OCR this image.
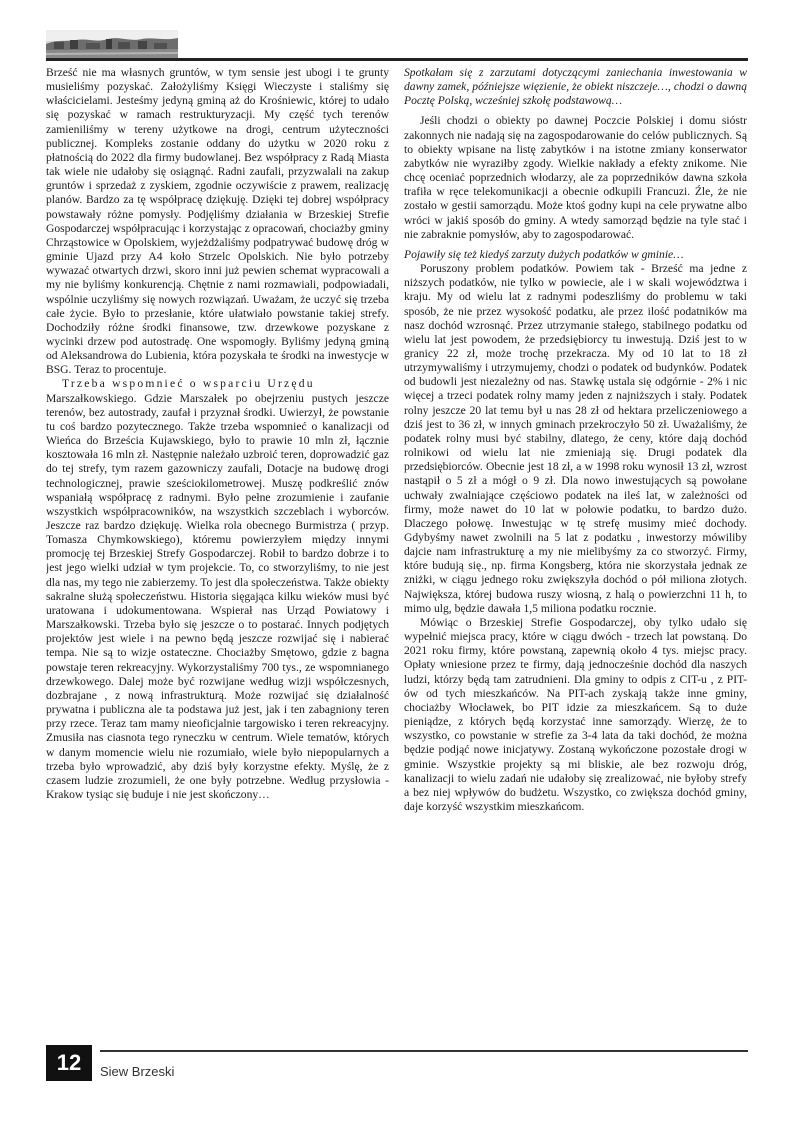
Brześć nie ma własnych gruntów, w tym sensie jest ubogi i te grunty musieliśmy pozyskać. Założyliśmy Księgi Wieczyste i staliśmy się właścicielami. Jesteśmy jedyną gminą aż do Krośniewic, której to udało się pozyskać w ramach restrukturyzacji. My część tych terenów zamieniliśmy w tereny użytkowe na drogi, centrum użyteczności publicznej. Kompleks zostanie oddany do użytku w 2020 roku z płatnością do 2022 dla firmy budowlanej. Bez współpracy z Radą Miasta tak wiele nie udałoby się osiągnąć. Radni zaufali, przyzwalali na zakup gruntów i sprzedaż z zyskiem, zgodnie oczywiście z prawem, realizację planów. Bardzo za tę współpracę dziękuję. Dzięki tej dobrej współpracy powstawały różne pomysły. Podjęliśmy działania w Brzeskiej Strefie Gospodarczej współpracując i korzystając z opracowań, chociażby gminy Chrząstowice w Opolskiem, wyjeżdżaliśmy podpatrywać budowę dróg w gminie Ujazd przy A4 koło Strzelc Opolskich. Nie było potrzeby wywazać otwartych drzwi, skoro inni już pewien schemat wypracowali a my nie byliśmy konkurencją. Chętnie z nami rozmawiali, podpowiadali, wspólnie uczyliśmy się nowych rozwiązań. Uważam, że uczyć się trzeba całe życie. Było to przesłanie, które ułatwiało powstanie takiej strefy. Dochodziły różne środki finansowe, tzw. drzewkowe pozyskane z wycinki drzew pod autostradę. One wspomogły. Byliśmy jedyną gminą od Aleksandrowa do Lubienia, która pozyskała te środki na inwestycje w BSG. Teraz to procentuje.

Trzeba wspomnieć o wsparciu Urzędu

Marszałkowskiego. Gdzie Marszałek po obejrzeniu pustych jeszcze terenów, bez autostrady, zaufał i przyznał środki. Uwierzył, że powstanie tu coś bardzo pozytecznego. Także trzeba wspomnieć o kanalizacji od Wieńca do Brześcia Kujawskiego, było to prawie 10 mln zł, łącznie kosztowała 16 mln zł. Następnie należało uzbroić teren, doprowadzić gaz do tej strefy, tym razem gazowniczy zaufali, Dotacje na budowę drogi technologicznej, prawie sześciokilometrowej. Muszę podkreślić znów wspaniałą współpracę z radnymi. Było pełne zrozumienie i zaufanie wszystkich współpracowników, na wszystkich szczeblach i wyborców. Jeszcze raz bardzo dziękuję. Wielka rola obecnego Burmistrza ( przyp. Tomasza Chymkowskiego), któremu powierzyłem między innymi promocję tej Brzeskiej Strefy Gospodarczej. Robił to bardzo dobrze i to jest jego wielki udział w tym projekcie. To, co stworzyliśmy, to nie jest dla nas, my tego nie zabierzemy. To jest dla społeczeństwa. Także obiekty sakralne służą społeczeństwu. Historia sięgająca kilku wieków musi być uratowana i udokumentowana. Wspierał nas Urząd Powiatowy i Marszałkowski. Trzeba było się jeszcze o to postarać. Innych podjętych projektów jest wiele i na pewno będą jeszcze rozwijać się i nabierać tempa. Nie są to wizje ostateczne. Chociażby Smętowo, gdzie z bagna powstaje teren rekreacyjny. Wykorzystaliśmy 700 tys., ze wspomnianego drzewkowego. Dalej może być rozwijane według wizji współczesnych, dozbrajane , z nową infrastrukturą. Może rozwijać się działalność prywatna i publiczna ale ta podstawa już jest, jak i ten zabagniony teren przy rzece. Teraz tam mamy nieoficjalnie targowisko i teren rekreacyjny. Zmusiła nas ciasnota tego ryneczku w centrum. Wiele tematów, których w danym momencie wielu nie rozumiało, wiele było niepopularnych a trzeba było wprowadzić, aby dziś były korzystne efekty. Myślę, że z czasem ludzie zrozumieli, że one były potrzebne. Według przysłowia - Krakow tysiąc się buduje i nie jest skończony…

Spotkałam się z zarzutami dotyczącymi zaniechania inwestowania w dawny zamek, późniejsze więzienie, że obiekt niszczeje…, chodzi o dawną Pocztę Polską, wcześniej szkołę podstawową…

Jeśli chodzi o obiekty po dawnej Poczcie Polskiej i domu sióstr zakonnych nie nadają się na zagospodarowanie do celów publicznych. Są to obiekty wpisane na listę zabytków i na istotne zmiany konserwator zabytków nie wyraziłby zgody. Wielkie nakłady a efekty znikome. Nie chcę oceniać poprzednich włodarzy, ale za poprzedników dawna szkoła trafiła w ręce telekomunikacji a obecnie odkupili Francuzi. Źle, że nie zostało w gestii samorządu. Może ktoś godny kupi na cele prywatne albo wróci w jakiś sposób do gminy. A wtedy samorząd będzie na tyle stać i nie zabraknie pomysłów, aby to zagospodarować.

Pojawiły się też kiedyś zarzuty dużych podatków w gminie…

Poruszony problem podatków. Powiem tak - Brześć ma jedne z niższych podatków, nie tylko w powiecie, ale i w skali województwa i kraju. My od wielu lat z radnymi podeszliśmy do problemu w taki sposób, że nie przez wysokość podatku, ale przez ilość podatników ma nasz dochód wzrosnąć. Przez utrzymanie stałego, stabilnego podatku od wielu lat jest powodem, że przedsiębiorcy tu inwestują. Dziś jest to w granicy 22 zł, może trochę przekracza. My od 10 lat to 18 zł utrzymywaliśmy i utrzymujemy, chodzi o podatek od budynków. Podatek od budowli jest niezależny od nas. Stawkę ustala się odgórnie - 2% i nic więcej a trzeci podatek rolny mamy jeden z najniższych i stały. Podatek rolny jeszcze 20 lat temu był u nas 28 zł od hektara przeliczeniowego a dziś jest to 36 zł, w innych gminach przekroczyło 50 zł. Uważaliśmy, że podatek rolny musi być stabilny, dlatego, że ceny, które dają dochód rolnikowi od wielu lat nie zmieniają się. Drugi podatek dla przedsiębiorców. Obecnie jest 18 zł, a w 1998 roku wynosił 13 zł, wzrost nastąpił o 5 zł a mógł o 9 zł. Dla nowo inwestujących są powołane uchwały zwalniające częściowo podatek na ileś lat, w zależności od firmy, może nawet do 10 lat w połowie podatku, to bardzo dużo. Dlaczego połowę. Inwestując w tę strefę musimy mieć dochody. Gdybyśmy nawet zwolnili na 5 lat z podatku , inwestorzy mówiliby dajcie nam infrastrukturę a my nie mielibyśmy za co stworzyć. Firmy, które budują się., np. firma Kongsberg, która nie skorzystała jednak ze zniżki, w ciągu jednego roku zwiększyła dochód o pół miliona złotych. Największa, której budowa ruszy wiosną, z halą o powierzchni 11 h, to mimo ulg, będzie dawała 1,5 miliona podatku rocznie.

Mówiąc o Brzeskiej Strefie Gospodarczej, oby tylko udało się wypełnić miejsca pracy, które w ciągu dwóch - trzech lat powstaną. Do 2021 roku firmy, które powstaną, zapewnią około 4 tys. miejsc pracy. Opłaty wniesione przez te firmy, dają jednocześnie dochód dla naszych ludzi, którzy będą tam zatrudnieni. Dla gminy to odpis z CIT-u , z PIT-ów od tych mieszkańców. Na PIT-ach zyskają także inne gminy, chociażby Włocławek, bo PIT idzie za mieszkańcem. Są to duże pieniądze, z których będą korzystać inne samorządy. Wierzę, że to wszystko, co powstanie w strefie za 3-4 lata da taki dochód, że można będzie podjąć nowe inicjatywy. Zostaną wykończone pozostałe drogi w gminie. Wszystkie projekty są mi bliskie, ale bez rozwoju dróg, kanalizacji to wielu zadań nie udałoby się zrealizować, nie byłoby strefy a bez niej wpływów do budżetu. Wszystko, co zwiększa dochód gminy, daje korzyść wszystkim mieszkańcom.

12	Siew Brzeski
